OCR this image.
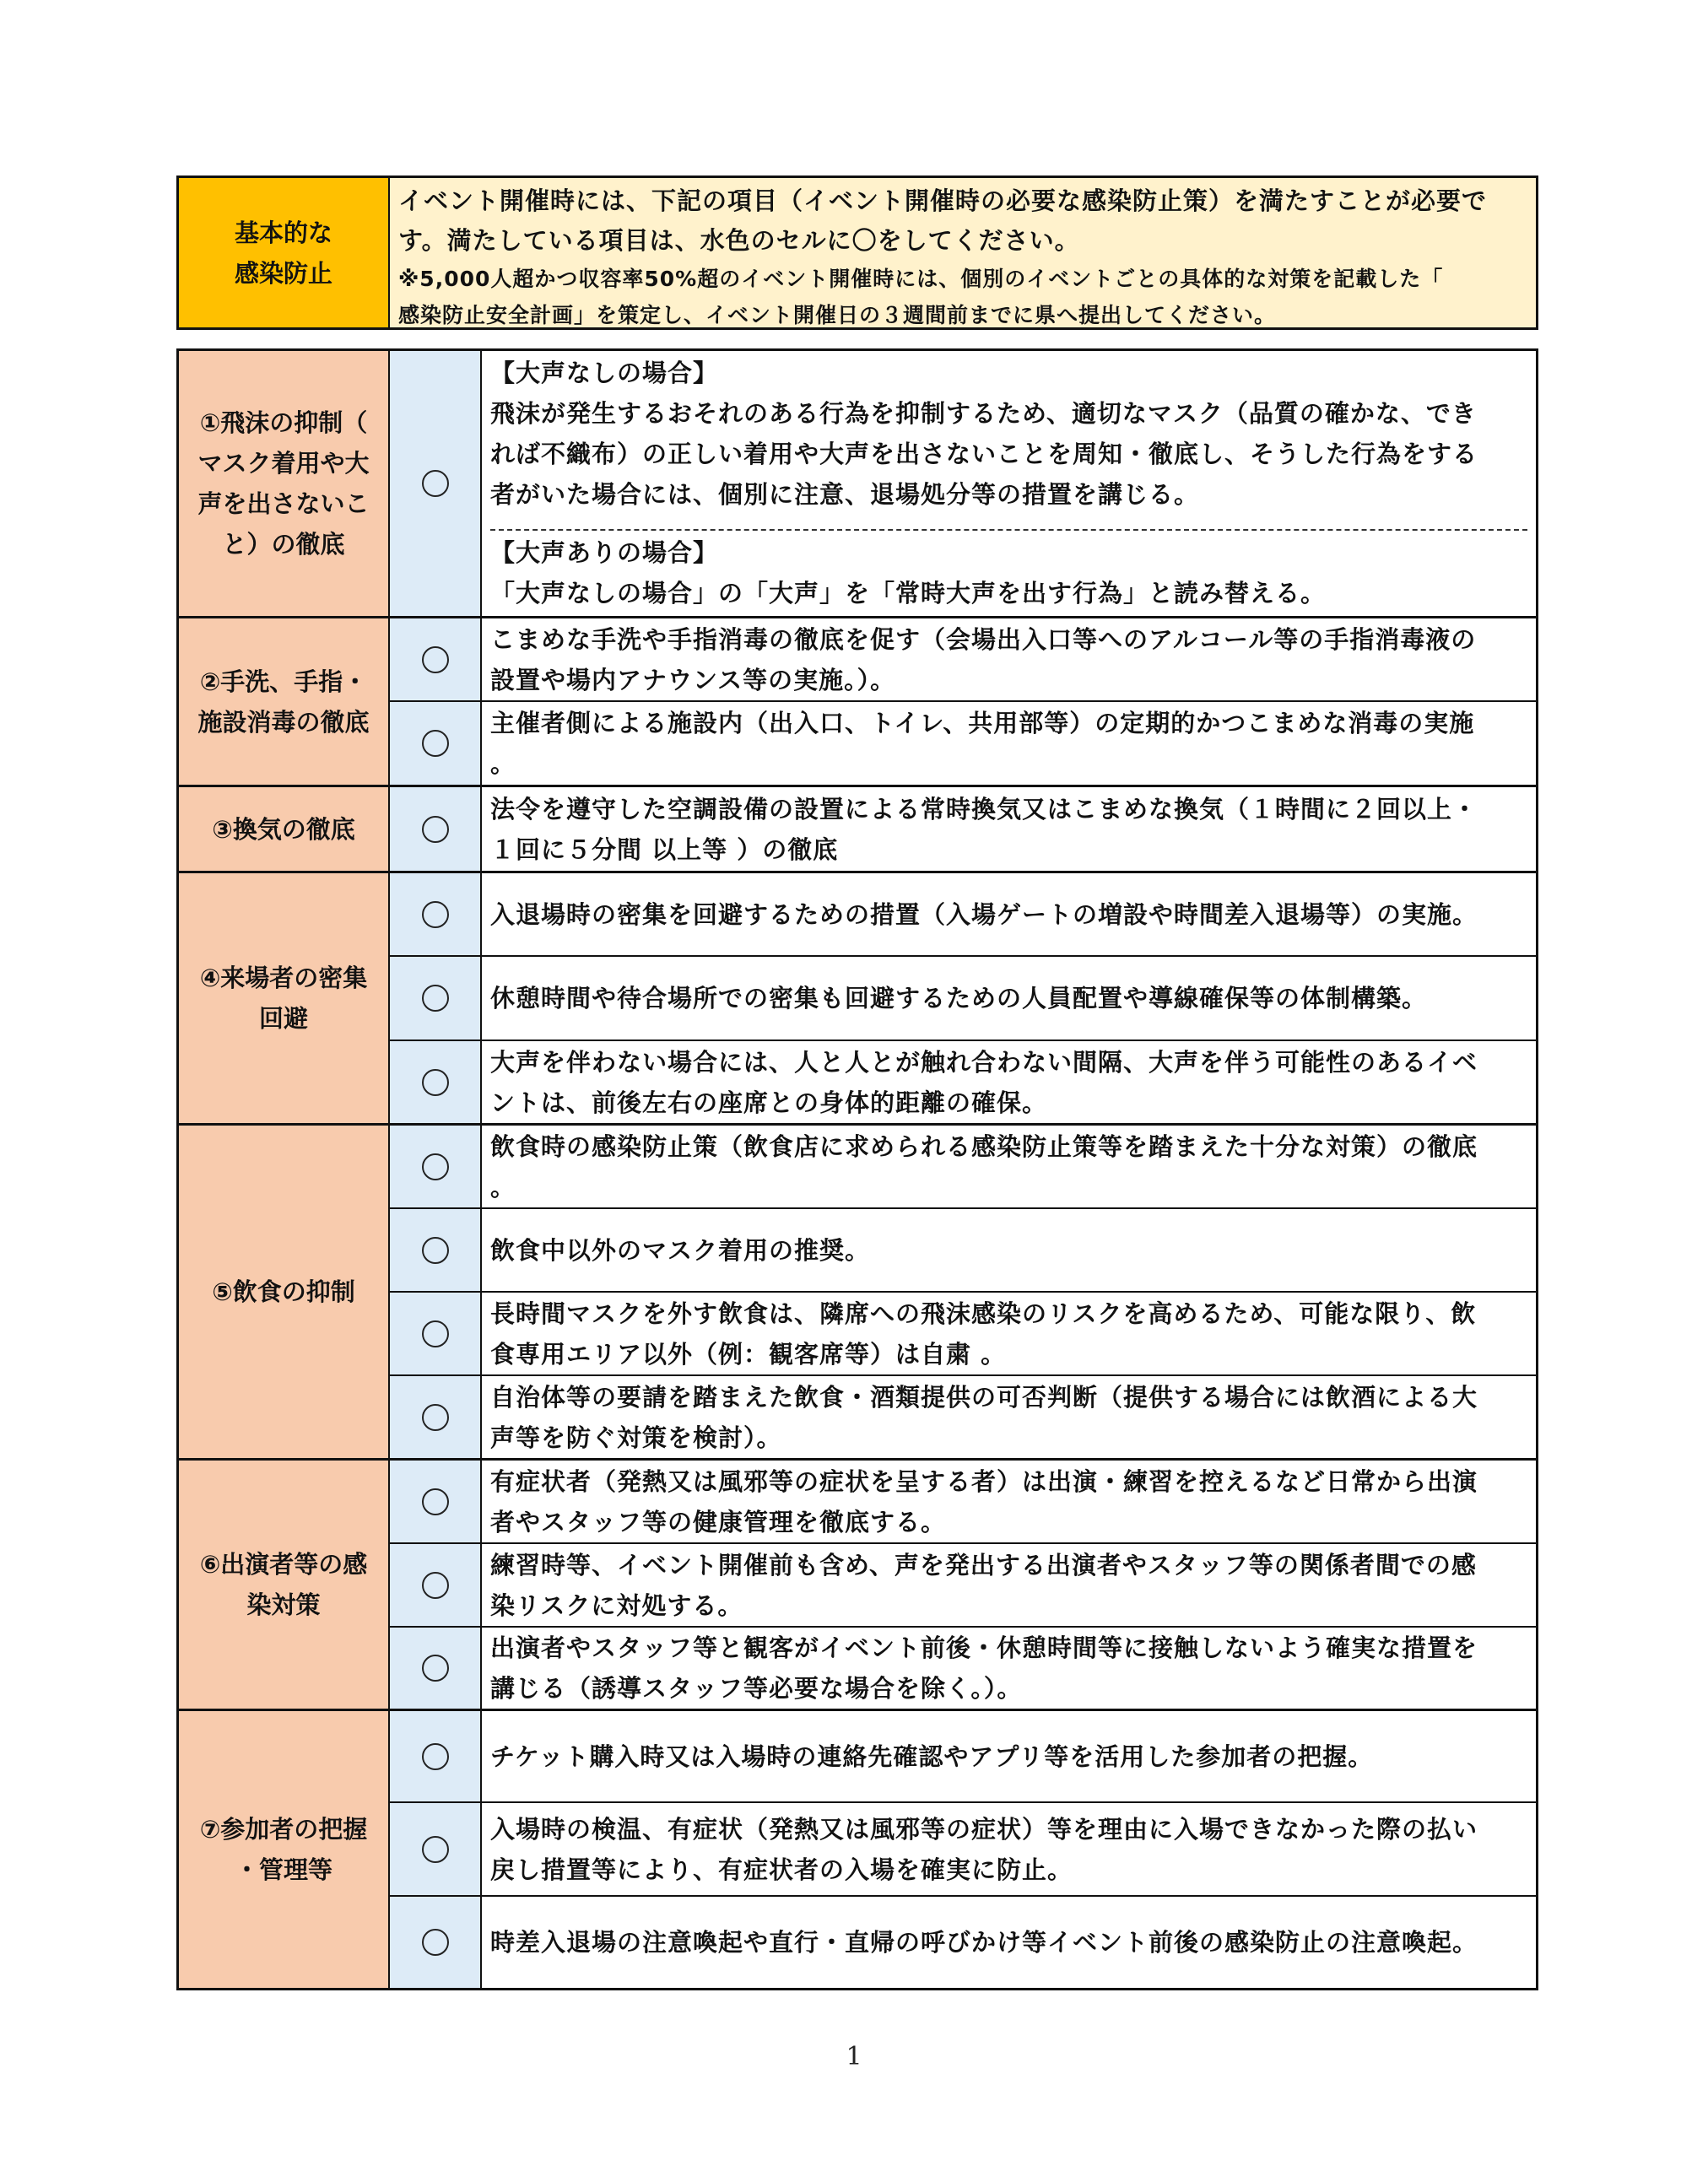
基本的な
感染防止
イベント開催時には、下記の項目（イベント開催時の必要な感染防止策）を満たすことが必要で
す。満たしている項目は、水色のセルに〇をしてください。
※5,000人超かつ収容率50%超のイベント開催時には、個別のイベントごとの具体的な対策を記載した「
感染防止安全計画」を策定し、イベント開催日の３週間前までに県へ提出してください。
①飛沫の抑制（
マスク着用や大
声を出さないこ
と）の徹底
【大声なしの場合】
飛沫が発生するおそれのある行為を抑制するため、適切なマスク（品質の確かな、でき
れば不織布）の正しい着用や大声を出さないことを周知・徹底し、そうした行為をする
者がいた場合には、個別に注意、退場処分等の措置を講じる。
【大声ありの場合】
「大声なしの場合」の「大声」を「常時大声を出す行為」と読み替える。
②手洗、手指・
施設消毒の徹底
こまめな手洗や手指消毒の徹底を促す（会場出入口等へのアルコール等の手指消毒液の
設置や場内アナウンス等の実施。）。
主催者側による施設内（出入口、トイレ、共用部等）の定期的かつこまめな消毒の実施
。
③換気の徹底
法令を遵守した空調設備の設置による常時換気又はこまめな換気（１時間に２回以上・
１回に５分間 以上等 ）の徹底
④来場者の密集
回避
入退場時の密集を回避するための措置（入場ゲートの増設や時間差入退場等）の実施。
休憩時間や待合場所での密集も回避するための人員配置や導線確保等の体制構築。
大声を伴わない場合には、人と人とが触れ合わない間隔、大声を伴う可能性のあるイベ
ントは、前後左右の座席との身体的距離の確保。
⑤飲食の抑制
飲食時の感染防止策（飲食店に求められる感染防止策等を踏まえた十分な対策）の徹底
。
飲食中以外のマスク着用の推奨。
長時間マスクを外す飲食は、隣席への飛沫感染のリスクを高めるため、可能な限り、飲
食専用エリア以外（例：観客席等）は自粛 。
自治体等の要請を踏まえた飲食・酒類提供の可否判断（提供する場合には飲酒による大
声等を防ぐ対策を検討）。
⑥出演者等の感
染対策
有症状者（発熱又は風邪等の症状を呈する者）は出演・練習を控えるなど日常から出演
者やスタッフ等の健康管理を徹底する。
練習時等、イベント開催前も含め、声を発出する出演者やスタッフ等の関係者間での感
染リスクに対処する。
出演者やスタッフ等と観客がイベント前後・休憩時間等に接触しないよう確実な措置を
講じる（誘導スタッフ等必要な場合を除く。）。
⑦参加者の把握
・管理等
チケット購入時又は入場時の連絡先確認やアプリ等を活用した参加者の把握。
入場時の検温、有症状（発熱又は風邪等の症状）等を理由に入場できなかった際の払い
戻し措置等により、有症状者の入場を確実に防止。
時差入退場の注意喚起や直行・直帰の呼びかけ等イベント前後の感染防止の注意喚起。
1
